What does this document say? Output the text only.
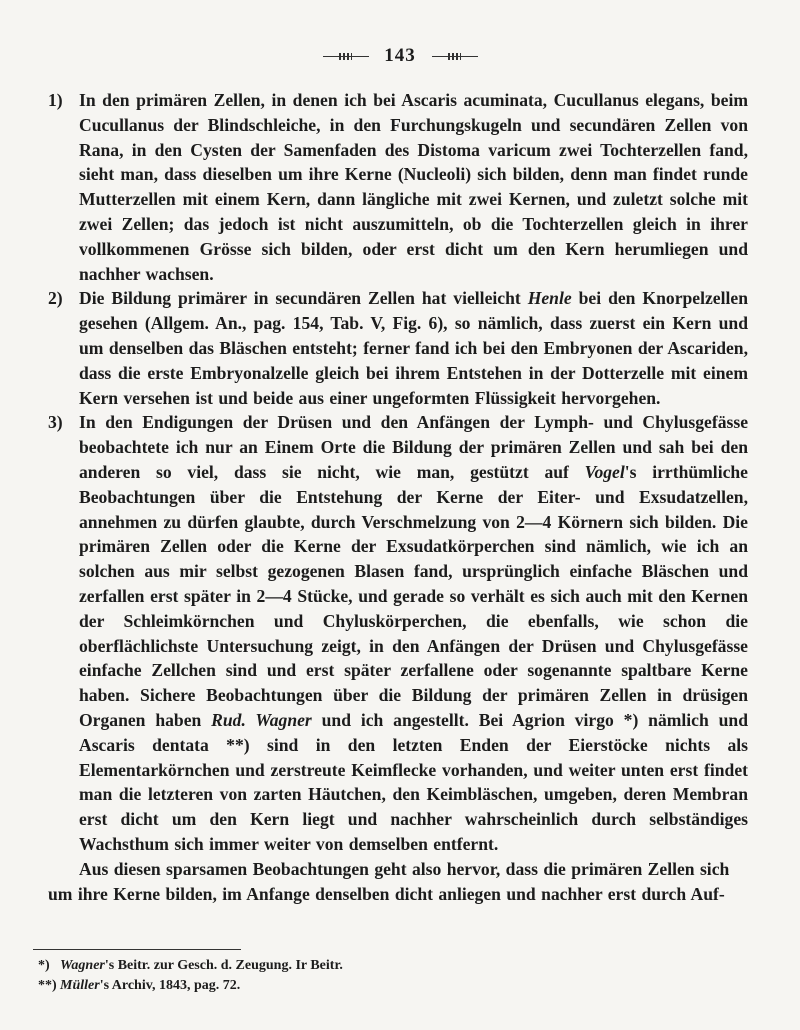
143
1) In den primären Zellen, in denen ich bei Ascaris acuminata, Cucullanus elegans, beim Cucullanus der Blindschleiche, in den Furchungskugeln und secundären Zellen von Rana, in den Cysten der Samenfaden des Distoma varicum zwei Tochterzellen fand, sieht man, dass dieselben um ihre Kerne (Nucleoli) sich bilden, denn man findet runde Mutterzellen mit einem Kern, dann längliche mit zwei Kernen, und zuletzt solche mit zwei Zellen; das jedoch ist nicht auszumitteln, ob die Tochterzellen gleich in ihrer vollkommenen Grösse sich bilden, oder erst dicht um den Kern herumliegen und nachher wachsen.
2) Die Bildung primärer in secundären Zellen hat vielleicht Henle bei den Knorpelzellen gesehen (Allgem. An., pag. 154, Tab. V, Fig. 6), so nämlich, dass zuerst ein Kern und um denselben das Bläschen entsteht; ferner fand ich bei den Embryonen der Ascariden, dass die erste Embryonalzelle gleich bei ihrem Entstehen in der Dotterzelle mit einem Kern versehen ist und beide aus einer ungeformten Flüssigkeit hervorgehen.
3) In den Endigungen der Drüsen und den Anfängen der Lymph- und Chylusgefässe beobachtete ich nur an Einem Orte die Bildung der primären Zellen und sah bei den anderen so viel, dass sie nicht, wie man, gestützt auf Vogel's irrthümliche Beobachtungen über die Entstehung der Kerne der Eiter- und Exsudatzellen, annehmen zu dürfen glaubte, durch Verschmelzung von 2—4 Körnern sich bilden. Die primären Zellen oder die Kerne der Exsudatkörperchen sind nämlich, wie ich an solchen aus mir selbst gezogenen Blasen fand, ursprünglich einfache Bläschen und zerfallen erst später in 2—4 Stücke, und gerade so verhält es sich auch mit den Kernen der Schleimkörnchen und Chyluskörperchen, die ebenfalls, wie schon die oberflächlichste Untersuchung zeigt, in den Anfängen der Drüsen und Chylusgefässe einfache Zellchen sind und erst später zerfallene oder sogenannte spaltbare Kerne haben. Sichere Beobachtungen über die Bildung der primären Zellen in drüsigen Organen haben Rud. Wagner und ich angestellt. Bei Agrion virgo *) nämlich und Ascaris dentata **) sind in den letzten Enden der Eierstöcke nichts als Elementarkörnchen und zerstreute Keimflecke vorhanden, und weiter unten erst findet man die letzteren von zarten Häutchen, den Keimbläschen, umgeben, deren Membran erst dicht um den Kern liegt und nachher wahrscheinlich durch selbständiges Wachsthum sich immer weiter von demselben entfernt.
Aus diesen sparsamen Beobachtungen geht also hervor, dass die primären Zellen sich
um ihre Kerne bilden, im Anfange denselben dicht anliegen und nachher erst durch Auf-
*) Wagner's Beitr. zur Gesch. d. Zeugung. Ir Beitr.
**) Müller's Archiv, 1843, pag. 72.
